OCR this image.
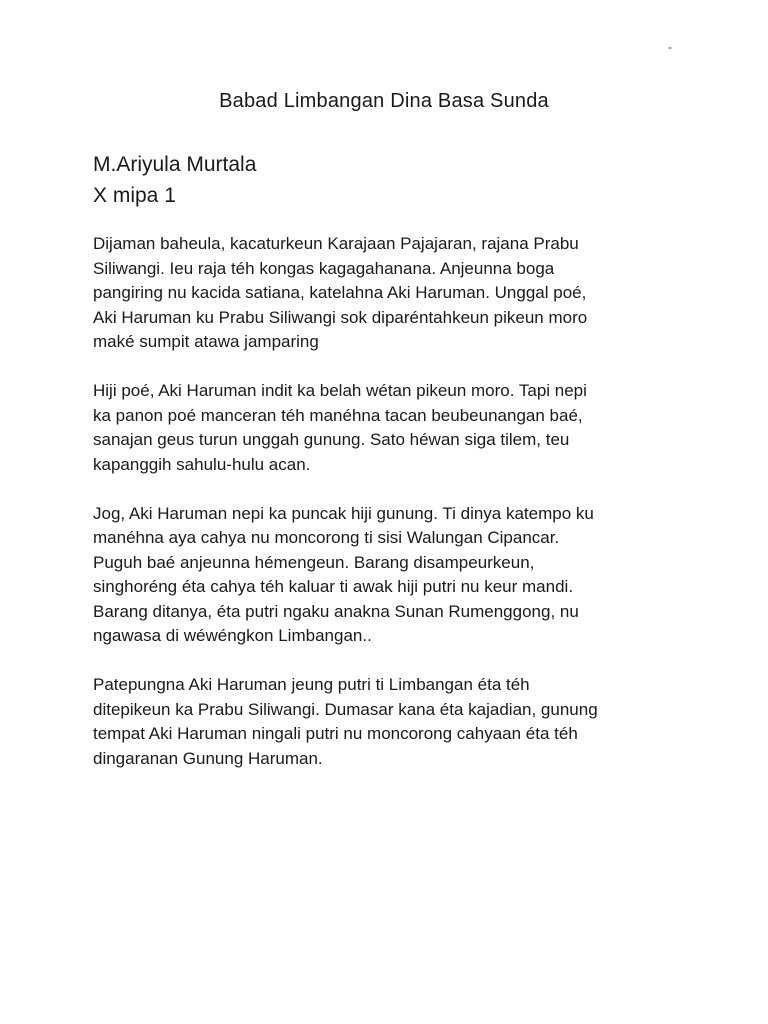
-
Babad Limbangan Dina Basa Sunda
M.Ariyula Murtala
X mipa 1

Dijaman baheula, kacaturkeun Karajaan Pajajaran, rajana Prabu
Siliwangi. Ieu raja téh kongas kagagahanana. Anjeunna boga
pangiring nu kacida satiana, katelahna Aki Haruman. Unggal poé,
Aki Haruman ku Prabu Siliwangi sok diparéntahkeun pikeun moro
maké sumpit atawa jamparing

Hiji poé, Aki Haruman indit ka belah wétan pikeun moro. Tapi nepi
ka panon poé manceran téh manéhna tacan beubeunangan baé,
sanajan geus turun unggah gunung. Sato héwan siga tilem, teu
kapanggih sahulu-hulu acan.

Jog, Aki Haruman nepi ka puncak hiji gunung. Ti dinya katempo ku
manéhna aya cahya nu moncorong ti sisi Walungan Cipancar.
Puguh baé anjeunna hémengeun. Barang disampeurkeun,
singhoréng éta cahya téh kaluar ti awak hiji putri nu keur mandi.
Barang ditanya, éta putri ngaku anakna Sunan Rumenggong, nu
ngawasa di wéwéngkon Limbangan..

Patepungna Aki Haruman jeung putri ti Limbangan éta téh
ditepikeun ka Prabu Siliwangi. Dumasar kana éta kajadian, gunung
tempat Aki Haruman ningali putri nu moncorong cahyaan éta téh
dingaranan Gunung Haruman.
